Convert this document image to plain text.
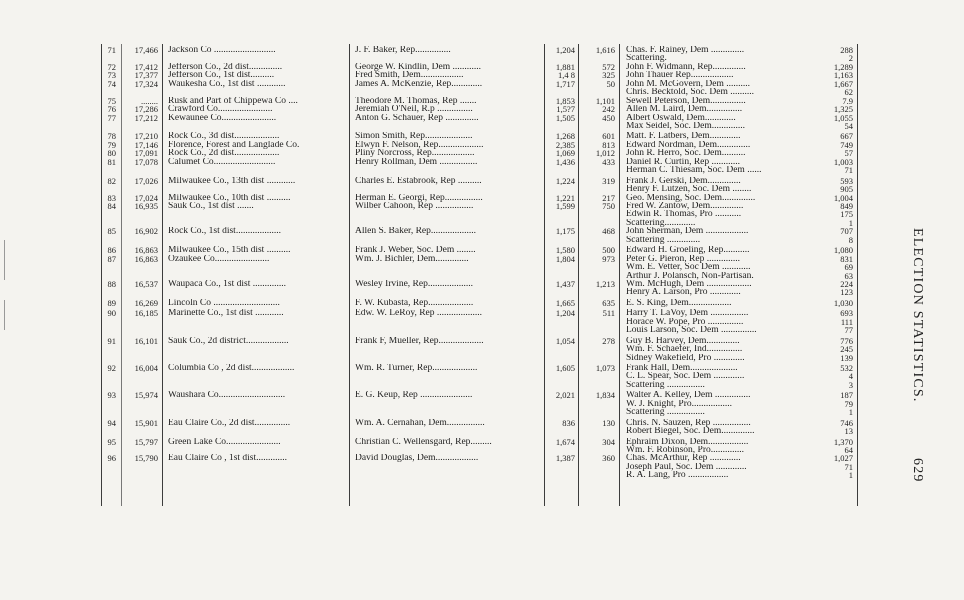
71	17,466 Jackson Co ..........................	J. F. Baker, Rep...............	1,204	1,616 Chas. F. Rainey, Dem ..............	288
Scattering.	2
72	17,412 Jefferson Co., 2d dist..............	George W. Kindlin, Dem ............	1,881	572 John F. Widmann, Rep..............	1,289
73	17,377 Jefferson Co., 1st dist..........	Fred Smith, Dem..................	1,4 8	325 John Thauer Rep..................	1,163
74	17,324 Waukesha Co., 1st dist ............	James A. McKenzie, Rep.............	1,717	50 John M. McGovern, Dem ..........	1,667
Chris. Becktold, Soc. Dem ..........	62
75	........ Rusk and Part of Chippewa Co ....	Theodore M. Thomas, Rep .......	1,853	1,101 Sewell Peterson, Dem...............	7.9
76	17,286 Crawford Co.......................	Jeremiah O'Neil, R.p ...............	1,5?7	242 Allen M. Laird, Dem...............	1,325
77	17,212 Kewaunee Co.......................	Anton G. Schauer, Rep ..............	1,505	450 Albert Oswald, Dem.............	1,055
Max Seidel, Soc. Dem..............	54
78	17,210 Rock Co., 3d dist...................	Simon Smith, Rep....................	1,268	601 Matt. F. Latbers, Dem.............	667
79	17,146 Florence, Forest and Langlade Co.	Elwyn F. Nelson, Rep...................	2,385	813 Edward Nordman, Dem..............	749
80	17,091 Rock Co., 2d dist...................	Pliny Norcross, Rep..................	1,069	1,012 John R. Herro, Soc. Dem..........	57
81	17,078 Calumet Co..........................	Henry Rollman, Dem ................	1,436	433 Daniel R. Curtin, Rep ............	1,003
Herman C. Thiesam, Soc. Dem ......	71
82	17,026 Milwaukee Co., 13th dist ............	Charles E. Estabrook, Rep ..........	1,224	319 Frank J. Gerski, Dem..............	593
Henry F. Lutzen, Soc. Dem ........	905
83	17,024 Milwaukee Co., 10th dist ..........	Herman E. Georgi, Rep................	1,221	217 Geo. Mensing, Soc. Dem..............	1,004
84	16,935 Sauk Co., 1st dist .......	Wilber Cahoon, Rep ................	1,599	750 Fred W. Zantow, Dem..............	849
Edwin R. Thomas, Pro ...........	175
Scattering.............	1
85	16,902 Rock Co., 1st dist...................	Allen S. Baker, Rep...................	1,175	468 John Sherman, Dem ..................	707
Scattering ..............	8
86	16,863 Milwaukee Co., 15th dist ..........	Frank J. Weber, Soc. Dem ........	1,580	500 Edward H. Groeling, Rep...........	1,080
87	16,863 Ozaukee Co.......................	Wm. J. Bichler, Dem..............	1,804	973 Peter G. Pieron, Rep ..............	831
Wm. E. Vetter, Soc Dem ............	69
Arthur J. Polansch, Non-Partisan.	63
88	16,537 Waupaca Co., 1st dist ..............	Wesley Irvine, Rep...................	1,437	1,213 Wm. McHugh, Dem ...................	224
Henry A. Larson, Pro .............	123
89	16,269 Lincoln Co ............................	F. W. Kubasta, Rep...................	1,665	635 E. S. King, Dem..................	1,030
90	16,185 Marinette Co., 1st dist ............	Edw. W. LeRoy, Rep ...................	1,204	511 Harry T. LaVoy, Dem ................	693
Horace W. Pope, Pro ...............	111
Louis Larson, Soc. Dem ...............	77
91	16,101 Sauk Co., 2d district..................	Frank F, Mueller, Rep...................	1,054	278 Guy B. Harvey, Dem..............	776
Wm. F. Schaefer, Ind...............	245
Sidney Wakefield, Pro .............	139
92	16,004 Columbia Co , 2d dist..................	Wm. R. Turner, Rep...................	1,605	1,073 Frank Hall, Dem....................	532
C. L. Spear, Soc. Dem .............	4
Scattering ................	3
93	15,974 Waushara Co............................	E. G. Keup, Rep ......................	2,021	1,834 Walter A. Kelley, Dem ...............	187
W. J. Knight, Pro.................	79
Scattering ................	1
94	15,901 Eau Claire Co., 2d dist...............	Wm. A. Cernahan, Dem................	836	130 Chris. N. Sauzen, Rep ................	746
Robert Biegel, Soc. Dem..............	13
95	15,797 Green Lake Co.......................	Christian C. Wellensgard, Rep.........	1,674	304 Ephraim Dixon, Dem.................	1,370
Wm. F. Robinson, Pro..............	64
96	15,790 Eau Claire Co , 1st dist.............	David Douglas, Dem..................	1,387	360 Chas. McArthur, Rep .............	1,027
Joseph Paul, Soc. Dem .............	71
R. A. Lang, Pro .................	1
ELECTION STATISTICS.
629
